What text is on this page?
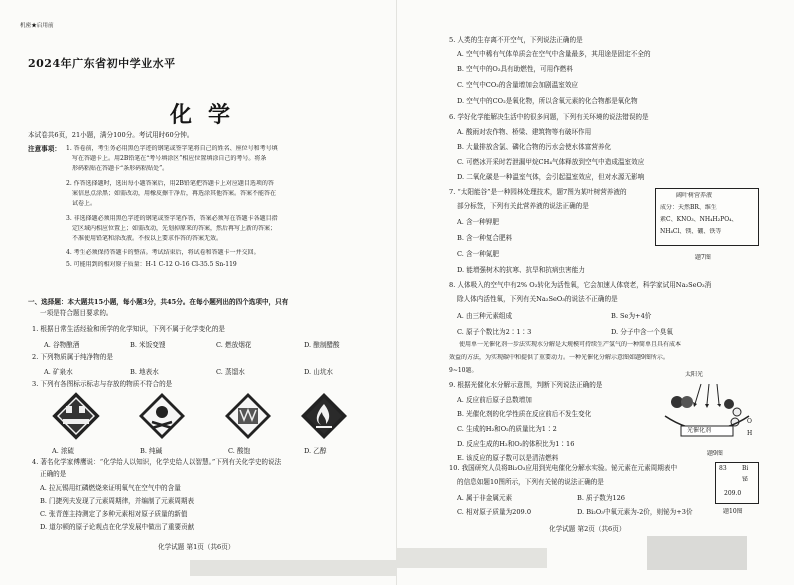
机密★启用前
2024年广东省初中学业水平
化学
本试卷共6页，21小题，满分100分。考试用时60分钟。
注意事项： 1. 答卷前，考生务必用黑色字迹的钢笔或签字笔将自己的姓名、座位号和考号填
写在答题卡上。用2B铅笔在“考号填涂区”相应位置填涂自己的考号。将条
形码粘贴在答题卡“条形码粘贴处”。
2. 作答选择题时，选出每小题答案后，用2B铅笔把答题卡上对应题目选项的答
案信息点涂黑；如需改动，用橡皮擦干净后，再选涂其他答案。答案不能答在
试卷上。
3. 非选择题必须用黑色字迹的钢笔或签字笔作答，答案必须写在答题卡各题目指
定区域内相应位置上；如需改动，先划掉原来的答案，然后再写上新的答案；
不准使用铅笔和涂改液。不按以上要求作答的答案无效。
4. 考生必须保持答题卡的整洁。考试结束后，将试卷和答题卡一并交回。
5. 可能用到的相对原子质量：H-1 C-12 O-16 Cl-35.5 Sn-119
一、选择题：本大题共15小题，每小题3分，共45分。在每小题列出的四个选项中，只有
一项是符合题目要求的。
1. 根据日常生活经验和所学的化学知识，下列不属于化学变化的是
A. 谷物酿酒	B. 米饭变馊	C. 燃放烟花	D. 酿制醋酸
2. 下列物质属于纯净物的是
A. 矿泉水	B. 地表水	C. 蒸馏水	D. 山坑水
3. 下列有各图标示标志与存放的物质不符合的是
A. 浓硫	B. 纯碱	C. 酸饱	D. 乙醇
4. 著名化学家傅鹰说：“化学给人以知识，化学史给人以智慧。”下列有关化学史的说法
正确的是
A. 拉瓦锡用红磷燃烧来证明氧气在空气中的含量
B. 门捷列夫发现了元素周期律，并编制了元素周期表
C. 张青莲主持测定了多种元素相对原子质量的新值
D. 道尔顿的原子论观点在化学发展中做出了重要贡献
化学试题 第1页（共6页）
5. 人类的生存离不开空气，下列说法正确的是
A. 空气中稀有气体单质会在空气中含量最多，其用途是固定不全的
B. 空气中的O₂具有助燃性，可用作燃料
C. 空气中CO₂的含量增加会加剧温室效应
D. 空气中的CO₂是氧化物，所以含氧元素的化合物都是氧化物
6. 学好化学能解决生活中的很多问题，下列有关环境的说法错误的是
A. 酸雨对农作物、桥梁、建筑物等有破坏作用
B. 大量排放含氯、磷化合物的污水会使水体富营养化
C. 可燃冰开采时若泄漏甲烷CH₄气体释放到空气中造成温室效应
D. 二氧化碳是一种温室气体，会引起温室效应，但对水源无影响
7. “太阳能谷”是一种园林处理技术，题7图为某叶树营养液的
部分标签，下列有关此营养液的说法正确的是
A. 含一种钾肥
B. 含一种复合肥料
C. 含一种氮肥
D. 能增强树木的抗寒、抗旱和抗病虫害能力
阔叶树营养液
成分：天然BR、维生
素C、KNO₃、NH₄H₂PO₄、
NH₄Cl、镁、硼、铁等
题7图
8. 人体吸入的空气中有2% O₂转化为活性氧，它会加速人体衰老，科学家试用Na₂SeO₃消
除人体内活性氧，下列有关Na₂SeO₃的说法不正确的是
A. 由三种元素组成	B. Se为+4价
C. 原子个数比为2∶1∶3	D. 分子中含一个臭氧
使用单一光催化剂一步法实现水分解是大规模可持续生产氢气的一种简单且具有成本
效益的方法，为实现碳中和提供了重要动力。一种光催化分解示意图如题9图所示。
9~10题。
9. 根据光催化水分解示意图，判断下列说法正确的是
A. 反应前后原子总数增加
B. 光催化剂的化学性质在反应前后不发生变化
C. 生成的H₂和O₂的质量比为1∶2
D. 反应生成的H₂和O₂的体积比为1∶16
E. 该反应的原子数可以是清洁燃料
太阳光
光催化剂
O
H
题9图
10. 我国研究人员将Bi₂O₃应用到光电催化分解水实验。铋元素在元素周期表中
的信息如题10图所示，下列有关铋的说法正确的是
A. 属于非金属元素	B. 质子数为126
C. 相对原子质量为209.0	D. Bi₂O₃中氧元素为-2价，则铋为+3价
83	Bi
铋
209.0
题10图
化学试题 第2页（共6页）
